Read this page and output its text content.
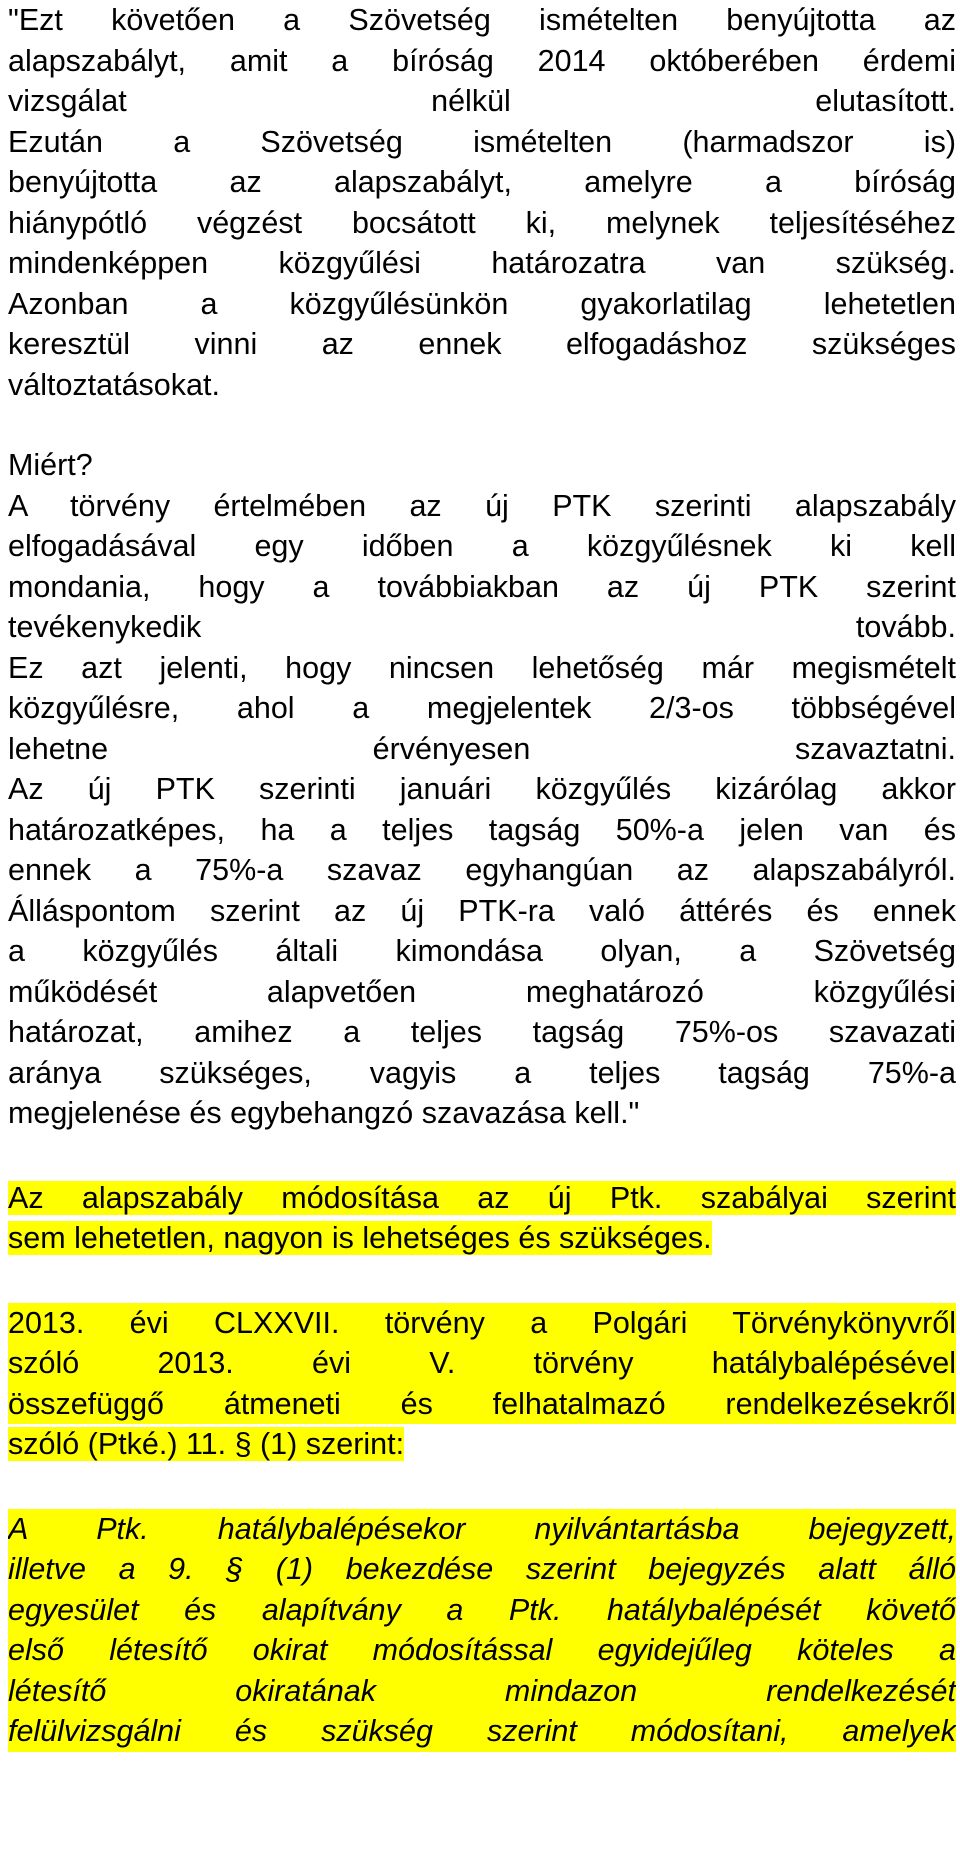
"Ezt követően a Szövetség ismételten benyújtotta az
alapszabályt, amit a bíróság 2014 októberében érdemi
vizsgálat nélkül elutasított.
Ezután a Szövetség ismételten (harmadszor is)
benyújtotta az alapszabályt, amelyre a bíróság
hiánypótló végzést bocsátott ki, melynek teljesítéséhez
mindenképpen közgyűlési határozatra van szükség.
Azonban a közgyűlésünkön gyakorlatilag lehetetlen
keresztül vinni az ennek elfogadáshoz szükséges
változtatásokat.
Miért?
A törvény értelmében az új PTK szerinti alapszabály
elfogadásával egy időben a közgyűlésnek ki kell
mondania, hogy a továbbiakban az új PTK szerint
tevékenykedik tovább.
Ez azt jelenti, hogy nincsen lehetőség már megismételt
közgyűlésre, ahol a megjelentek 2/3-os többségével
lehetne érvényesen szavaztatni.
Az új PTK szerinti januári közgyűlés kizárólag akkor
határozatképes, ha a teljes tagság 50%-a jelen van és
ennek a 75%-a szavaz egyhangúan az alapszabályról.
Álláspontom szerint az új PTK-ra való áttérés és ennek
a közgyűlés általi kimondása olyan, a Szövetség
működését alapvetően meghatározó közgyűlési
határozat, amihez a teljes tagság 75%-os szavazati
aránya szükséges, vagyis a teljes tagság 75%-a
megjelenése és egybehangzó szavazása kell."
Az alapszabály módosítása az új Ptk. szabályai szerint
sem lehetetlen, nagyon is lehetséges és szükséges.
2013. évi CLXXVII. törvény a Polgári Törvénykönyvről
szóló 2013. évi V. törvény hatálybalépésével
összefüggő átmeneti és felhatalmazó rendelkezésekről
szóló (Ptké.) 11. § (1) szerint:
A Ptk. hatálybalépésekor nyilvántartásba bejegyzett,
illetve a 9. § (1) bekezdése szerint bejegyzés alatt álló
egyesület és alapítvány a Ptk. hatálybalépését követő
első létesítő okirat módosítással egyidejűleg köteles a
létesítő okiratának mindazon rendelkezését
felülvizsgálni és szükség szerint módosítani, amelyek
